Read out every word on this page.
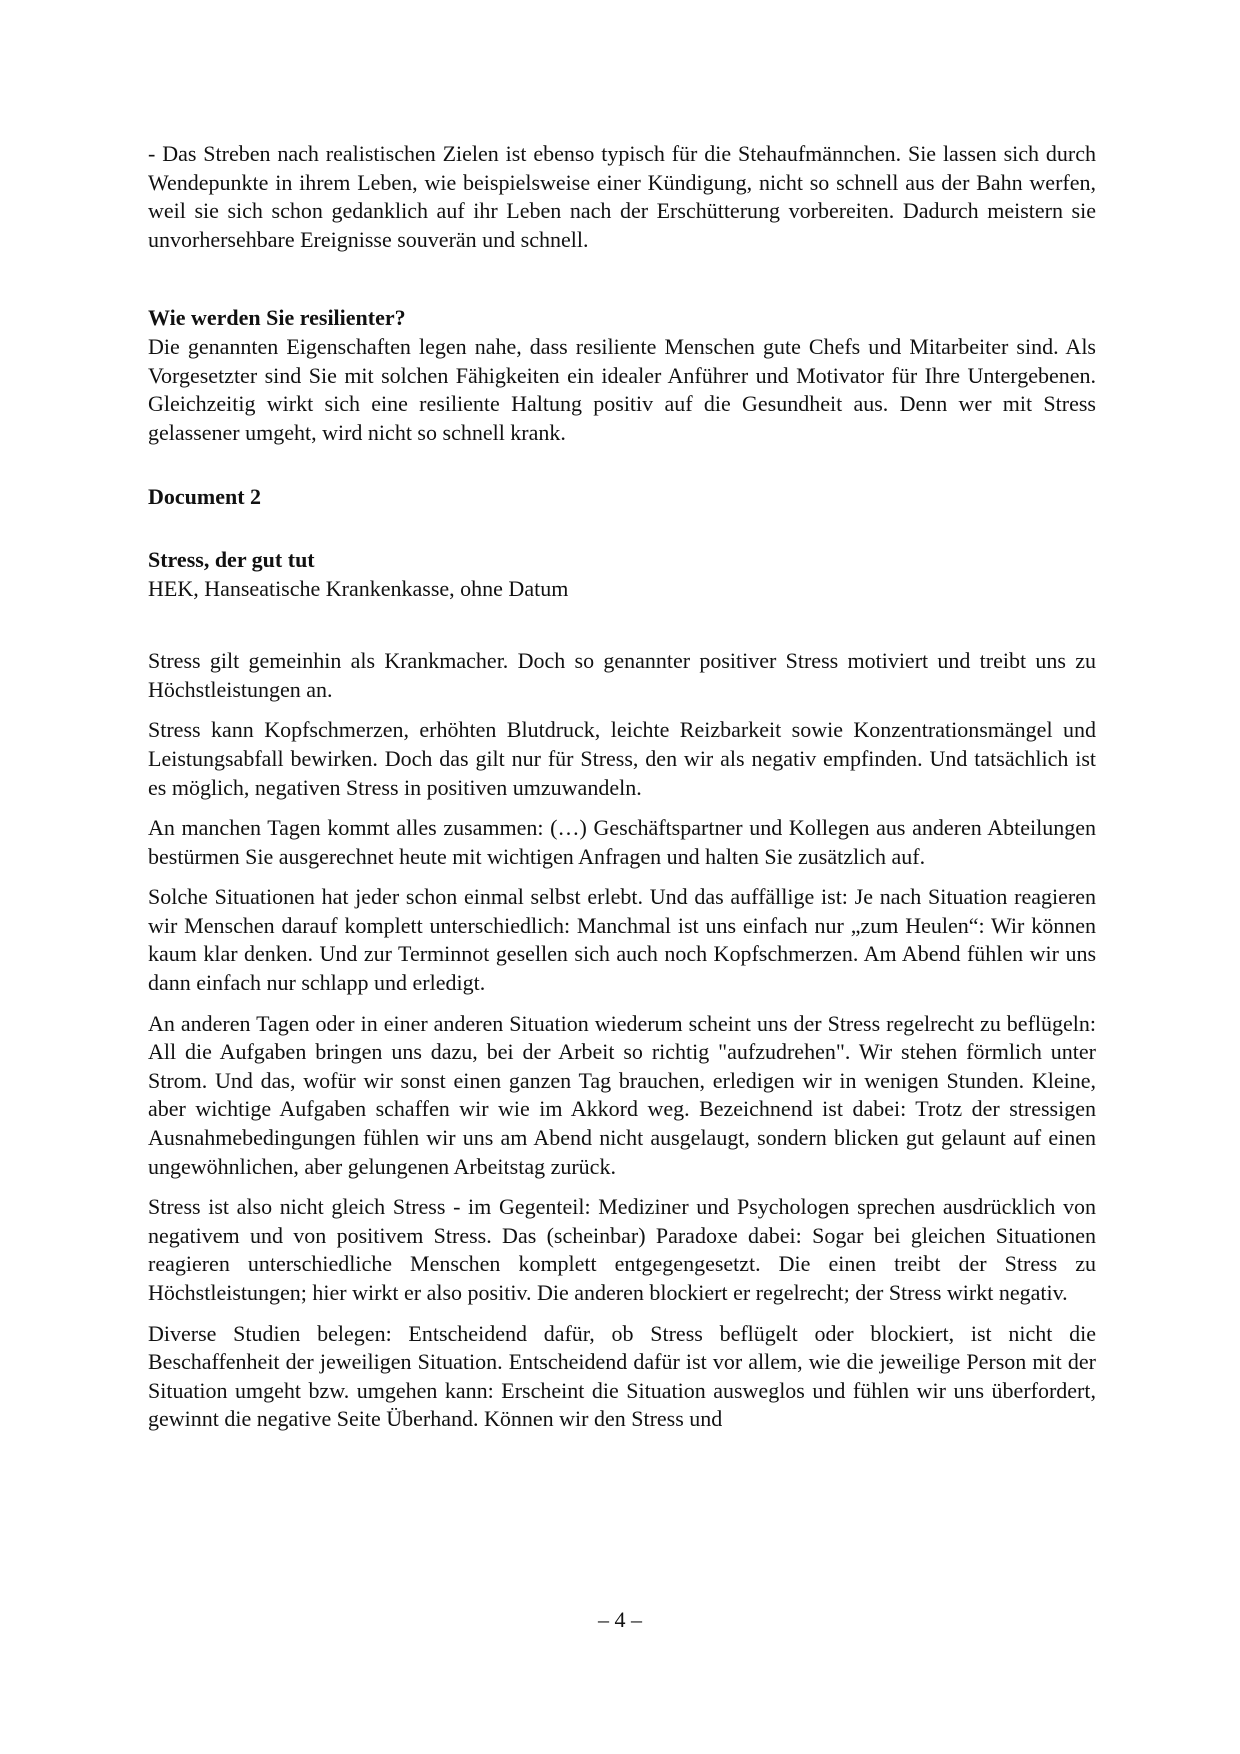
- Das Streben nach realistischen Zielen ist ebenso typisch für die Stehaufmännchen. Sie lassen sich durch Wendepunkte in ihrem Leben, wie beispielsweise einer Kündigung, nicht so schnell aus der Bahn werfen, weil sie sich schon gedanklich auf ihr Leben nach der Erschütterung vorbereiten. Dadurch meistern sie unvorhersehbare Ereignisse souverän und schnell.

Wie werden Sie resilienter?

Die genannten Eigenschaften legen nahe, dass resiliente Menschen gute Chefs und Mitarbeiter sind. Als Vorgesetzter sind Sie mit solchen Fähigkeiten ein idealer Anführer und Motivator für Ihre Untergebenen. Gleichzeitig wirkt sich eine resiliente Haltung positiv auf die Gesundheit aus. Denn wer mit Stress gelassener umgeht, wird nicht so schnell krank.

Document 2
Stress, der gut tut
HEK, Hanseatische Krankenkasse, ohne Datum

Stress gilt gemeinhin als Krankmacher. Doch so genannter positiver Stress motiviert und treibt uns zu Höchstleistungen an.

Stress kann Kopfschmerzen, erhöhten Blutdruck, leichte Reizbarkeit sowie Konzentrationsmängel und Leistungsabfall bewirken. Doch das gilt nur für Stress, den wir als negativ empfinden. Und tatsächlich ist es möglich, negativen Stress in positiven umzuwandeln.

An manchen Tagen kommt alles zusammen: (…) Geschäftspartner und Kollegen aus anderen Abteilungen bestürmen Sie ausgerechnet heute mit wichtigen Anfragen und halten Sie zusätzlich auf.

Solche Situationen hat jeder schon einmal selbst erlebt. Und das auffällige ist: Je nach Situation reagieren wir Menschen darauf komplett unterschiedlich: Manchmal ist uns einfach nur „zum Heulen“: Wir können kaum klar denken. Und zur Terminnot gesellen sich auch noch Kopfschmerzen. Am Abend fühlen wir uns dann einfach nur schlapp und erledigt.

An anderen Tagen oder in einer anderen Situation wiederum scheint uns der Stress regelrecht zu beflügeln: All die Aufgaben bringen uns dazu, bei der Arbeit so richtig "aufzudrehen". Wir stehen förmlich unter Strom. Und das, wofür wir sonst einen ganzen Tag brauchen, erledigen wir in wenigen Stunden. Kleine, aber wichtige Aufgaben schaffen wir wie im Akkord weg. Bezeichnend ist dabei: Trotz der stressigen Ausnahmebedingungen fühlen wir uns am Abend nicht ausgelaugt, sondern blicken gut gelaunt auf einen ungewöhnlichen, aber gelungenen Arbeitstag zurück.

Stress ist also nicht gleich Stress - im Gegenteil: Mediziner und Psychologen sprechen ausdrücklich von negativem und von positivem Stress. Das (scheinbar) Paradoxe dabei: Sogar bei gleichen Situationen reagieren unterschiedliche Menschen komplett entgegengesetzt. Die einen treibt der Stress zu Höchstleistungen; hier wirkt er also positiv. Die anderen blockiert er regelrecht; der Stress wirkt negativ.

Diverse Studien belegen: Entscheidend dafür, ob Stress beflügelt oder blockiert, ist nicht die Beschaffenheit der jeweiligen Situation. Entscheidend dafür ist vor allem, wie die jeweilige Person mit der Situation umgeht bzw. umgehen kann: Erscheint die Situation ausweglos und fühlen wir uns überfordert, gewinnt die negative Seite Überhand. Können wir den Stress und

– 4 –
